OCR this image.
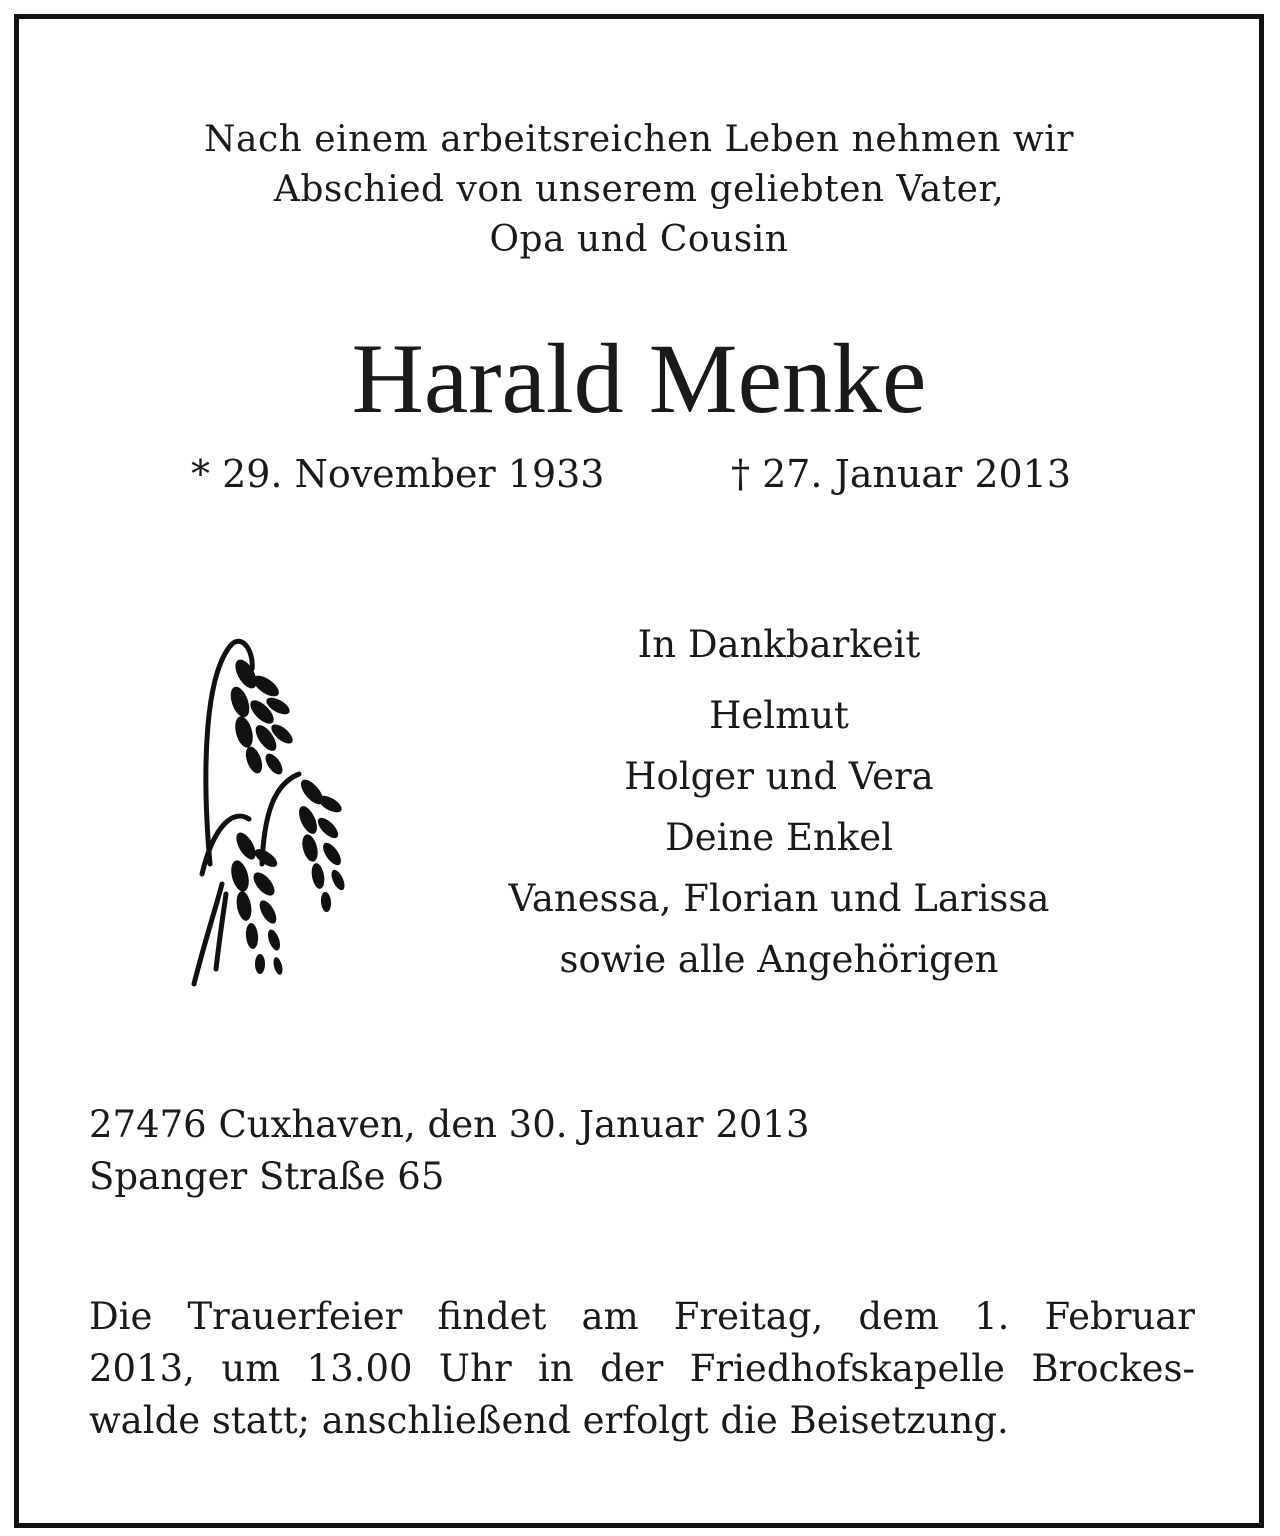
Nach einem arbeitsreichen Leben nehmen wir
Abschied von unserem geliebten Vater,
Opa und Cousin
Harald Menke
* 29. November 1933	† 27. Januar 2013
In Dankbarkeit
Helmut
Holger und Vera
Deine Enkel
Vanessa, Florian und Larissa
sowie alle Angehörigen
27476 Cuxhaven, den 30. Januar 2013
Spanger Straße 65
Die Trauerfeier findet am Freitag, dem 1. Februar
2013, um 13.00 Uhr in der Friedhofskapelle Brockes-
walde statt; anschließend erfolgt die Beisetzung.
